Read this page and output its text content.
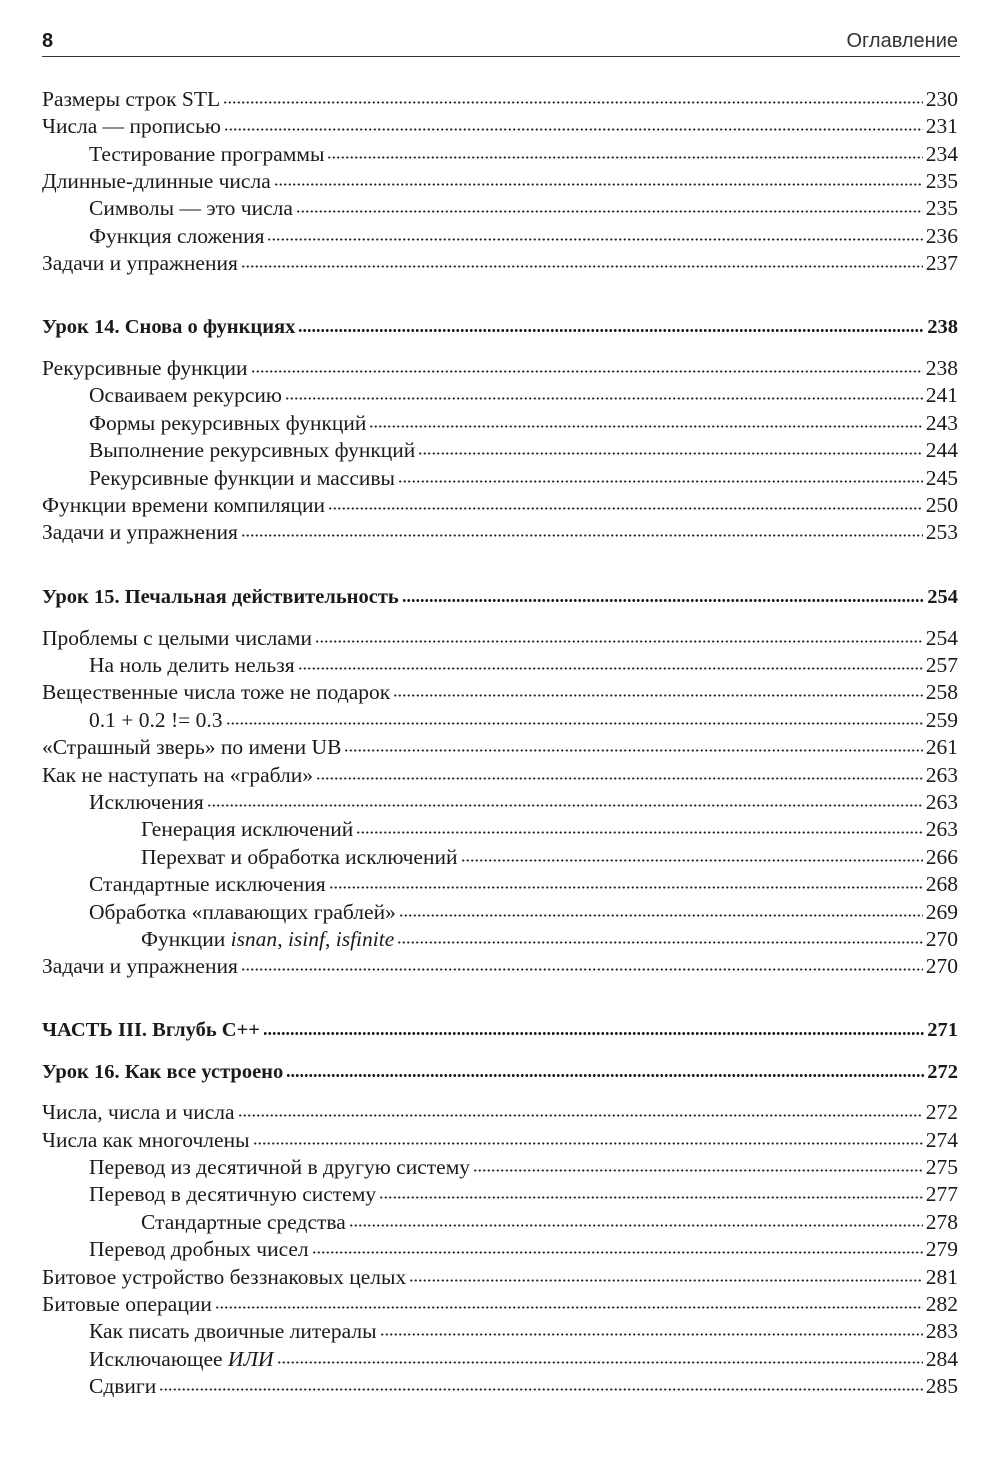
8	Оглавление
Размеры строк STL	230
Числа — прописью	231
Тестирование программы	234
Длинные-длинные числа	235
Символы — это числа	235
Функция сложения	236
Задачи и упражнения	237
Урок 14. Снова о функциях	238
Рекурсивные функции	238
Осваиваем рекурсию	241
Формы рекурсивных функций	243
Выполнение рекурсивных функций	244
Рекурсивные функции и массивы	245
Функции времени компиляции	250
Задачи и упражнения	253
Урок 15. Печальная действительность	254
Проблемы с целыми числами	254
На ноль делить нельзя	257
Вещественные числа тоже не подарок	258
0.1 + 0.2 != 0.3	259
«Страшный зверь» по имени UB	261
Как не наступать на «грабли»	263
Исключения	263
Генерация исключений	263
Перехват и обработка исключений	266
Стандартные исключения	268
Обработка «плавающих граблей»	269
Функции isnan, isinf, isfinite	270
Задачи и упражнения	270
ЧАСТЬ III. Вглубь С++	271
Урок 16. Как все устроено	272
Числа, числа и числа	272
Числа как многочлены	274
Перевод из десятичной в другую систему	275
Перевод в десятичную систему	277
Стандартные средства	278
Перевод дробных чисел	279
Битовое устройство беззнаковых целых	281
Битовые операции	282
Как писать двоичные литералы	283
Исключающее ИЛИ	284
Сдвиги	285
